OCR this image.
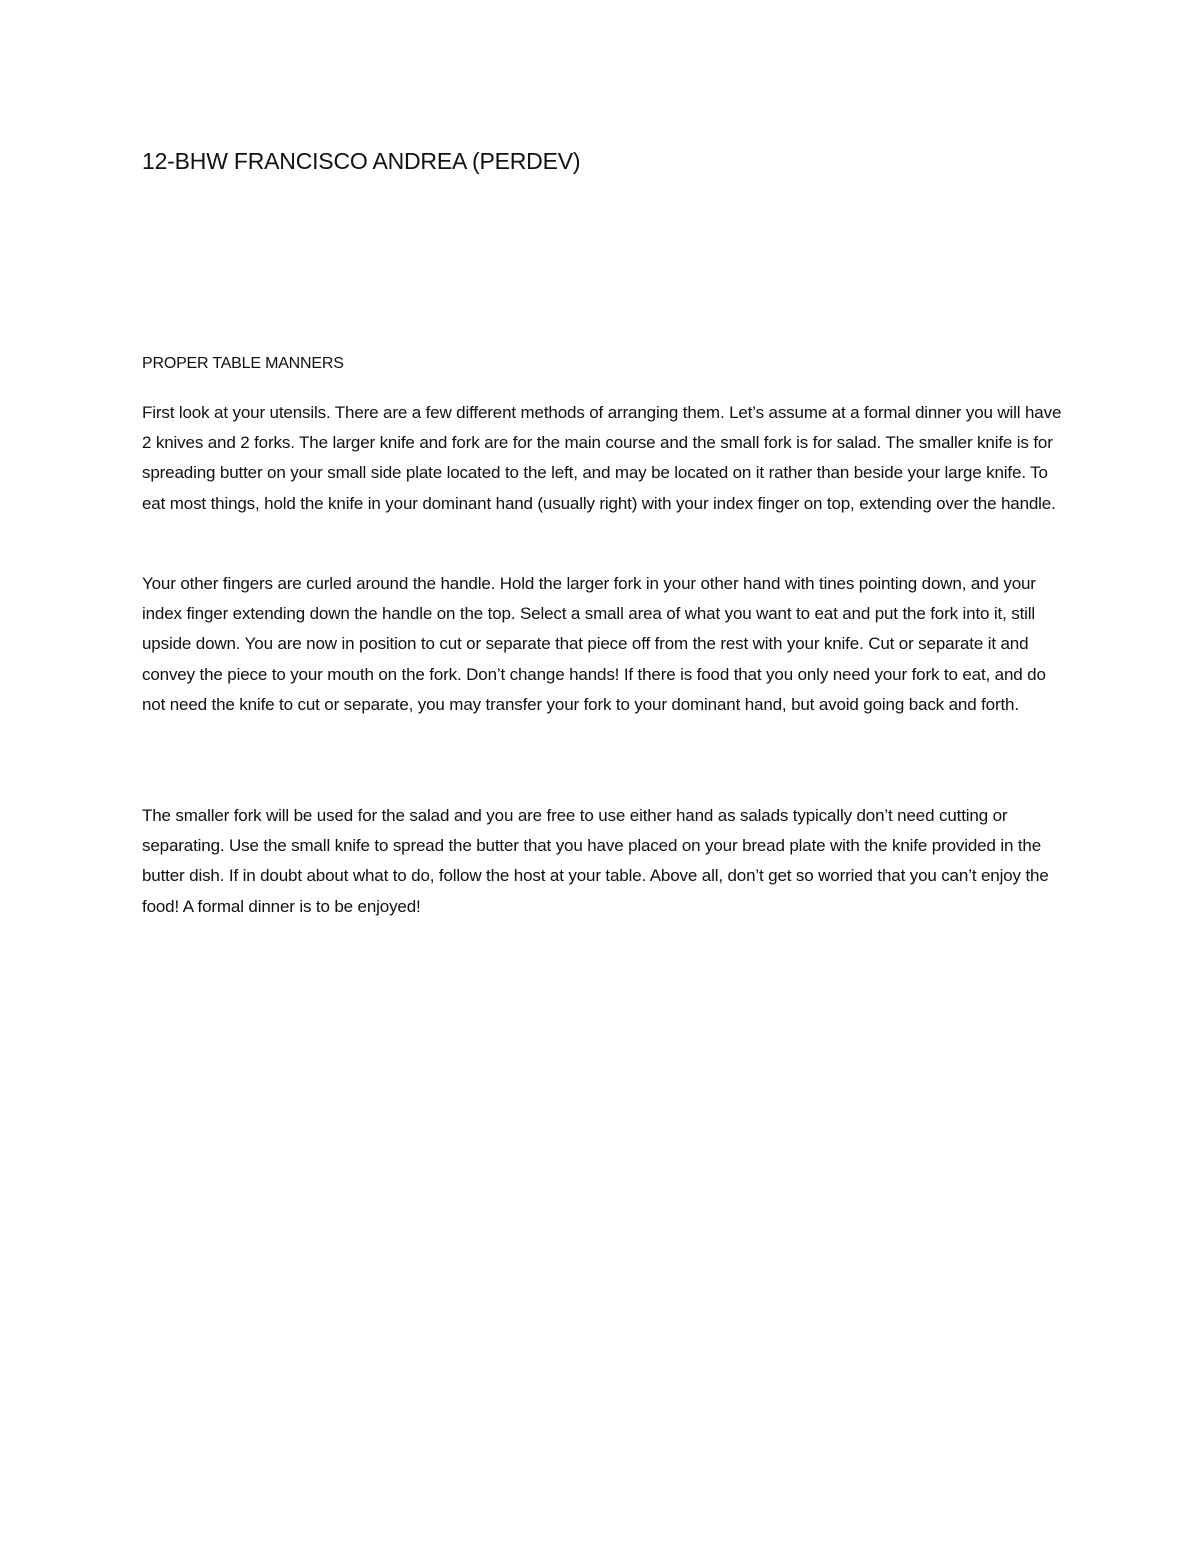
12-BHW FRANCISCO ANDREA (PERDEV)
PROPER TABLE MANNERS

First look at your utensils. There are a few different methods of arranging them. Let’s assume at a formal dinner you will have 2 knives and 2 forks. The larger knife and fork are for the main course and the small fork is for salad. The smaller knife is for spreading butter on your small side plate located to the left, and may be located on it rather than beside your large knife. To eat most things, hold the knife in your dominant hand (usually right) with your index finger on top, extending over the handle.

Your other fingers are curled around the handle. Hold the larger fork in your other hand with tines pointing down, and your index finger extending down the handle on the top. Select a small area of what you want to eat and put the fork into it, still upside down. You are now in position to cut or separate that piece off from the rest with your knife. Cut or separate it and convey the piece to your mouth on the fork. Don’t change hands! If there is food that you only need your fork to eat, and do not need the knife to cut or separate, you may transfer your fork to your dominant hand, but avoid going back and forth.

The smaller fork will be used for the salad and you are free to use either hand as salads typically don’t need cutting or separating. Use the small knife to spread the butter that you have placed on your bread plate with the knife provided in the butter dish. If in doubt about what to do, follow the host at your table. Above all, don’t get so worried that you can’t enjoy the food! A formal dinner is to be enjoyed!
